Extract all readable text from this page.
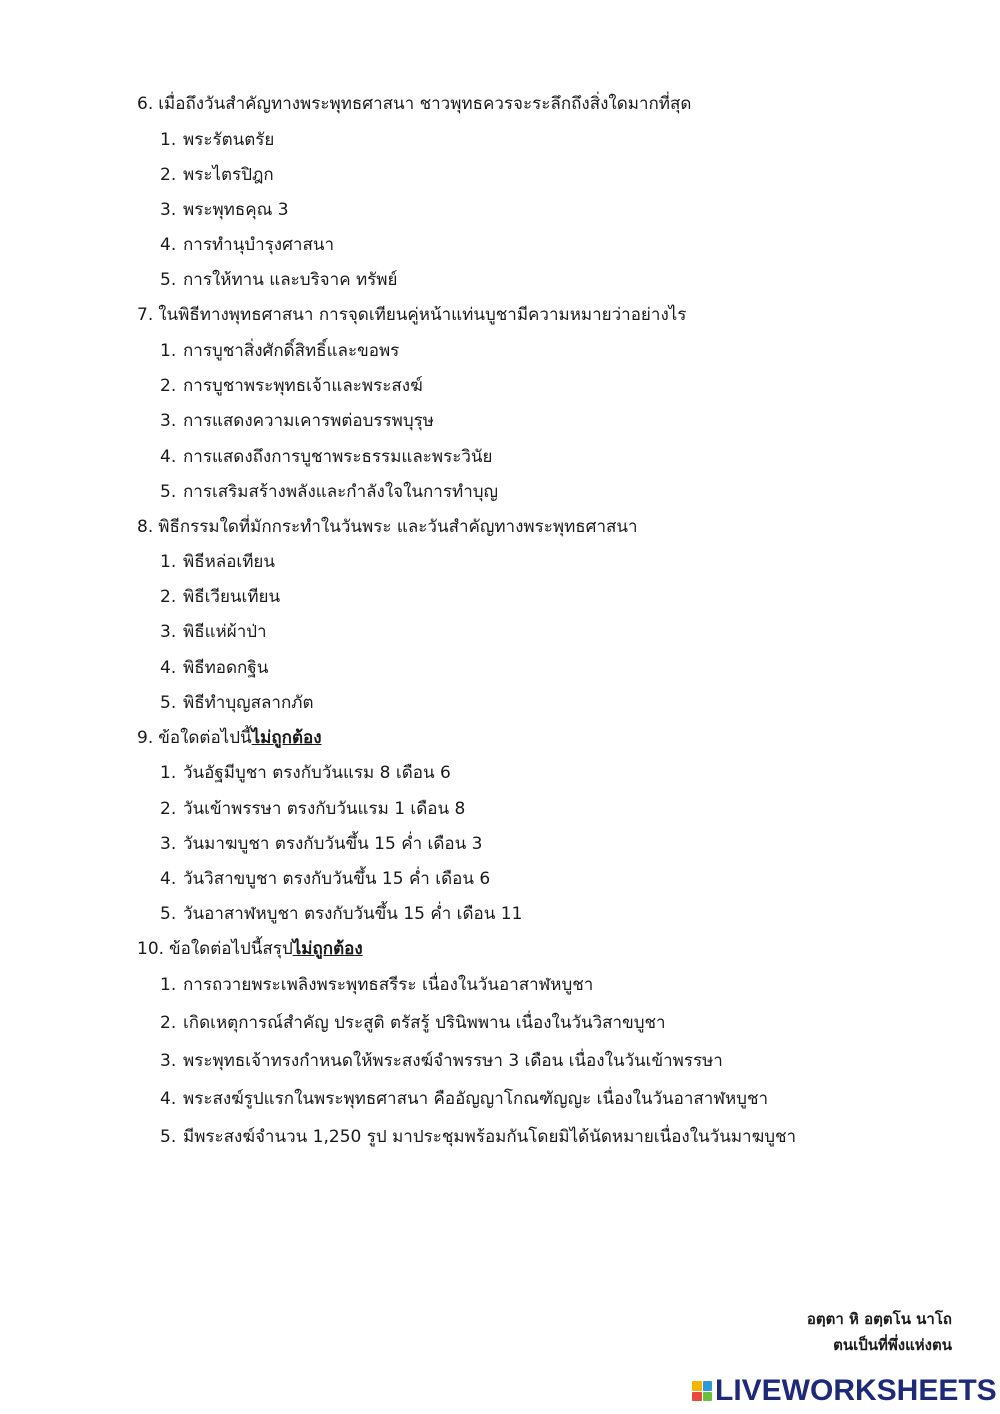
6. เมื่อถึงวันสำคัญทางพระพุทธศาสนา ชาวพุทธควรจะระลึกถึงสิ่งใดมากที่สุด
1. พระรัตนตรัย
2. พระไตรปิฎก
3. พระพุทธคุณ 3
4. การทำนุบำรุงศาสนา
5. การให้ทาน และบริจาค ทรัพย์
7. ในพิธีทางพุทธศาสนา การจุดเทียนคู่หน้าแท่นบูชามีความหมายว่าอย่างไร
1. การบูชาสิ่งศักดิ์สิทธิ์และขอพร
2. การบูชาพระพุทธเจ้าและพระสงฆ์
3. การแสดงความเคารพต่อบรรพบุรุษ
4. การแสดงถึงการบูชาพระธรรมและพระวินัย
5. การเสริมสร้างพลังและกำลังใจในการทำบุญ
8. พิธีกรรมใดที่มักกระทำในวันพระ และวันสำคัญทางพระพุทธศาสนา
1. พิธีหล่อเทียน
2. พิธีเวียนเทียน
3. พิธีแห่ผ้าป่า
4. พิธีทอดกฐิน
5. พิธีทำบุญสลากภัต
9. ข้อใดต่อไปนี้ไม่ถูกต้อง
1. วันอัฐมีบูชา ตรงกับวันแรม 8 เดือน 6
2. วันเข้าพรรษา ตรงกับวันแรม 1 เดือน 8
3. วันมาฆบูชา ตรงกับวันขึ้น 15 ค่ำ เดือน 3
4. วันวิสาขบูชา ตรงกับวันขึ้น 15 ค่ำ เดือน 6
5. วันอาสาฬหบูชา ตรงกับวันขึ้น 15 ค่ำ เดือน 11
10. ข้อใดต่อไปนี้สรุปไม่ถูกต้อง
1. การถวายพระเพลิงพระพุทธสรีระ เนื่องในวันอาสาฬหบูชา
2. เกิดเหตุการณ์สำคัญ ประสูติ ตรัสรู้ ปรินิพพาน เนื่องในวันวิสาขบูชา
3. พระพุทธเจ้าทรงกำหนดให้พระสงฆ์จำพรรษา 3 เดือน เนื่องในวันเข้าพรรษา
4. พระสงฆ์รูปแรกในพระพุทธศาสนา คืออัญญาโกณฑัญญะ เนื่องในวันอาสาฬหบูชา
5. มีพระสงฆ์จำนวน 1,250 รูป มาประชุมพร้อมกันโดยมิได้นัดหมายเนื่องในวันมาฆบูชา
อตฺตา หิ อตฺตโน นาโถ
ตนเป็นที่พึ่งแห่งตน
LIVEWORKSHEETS
